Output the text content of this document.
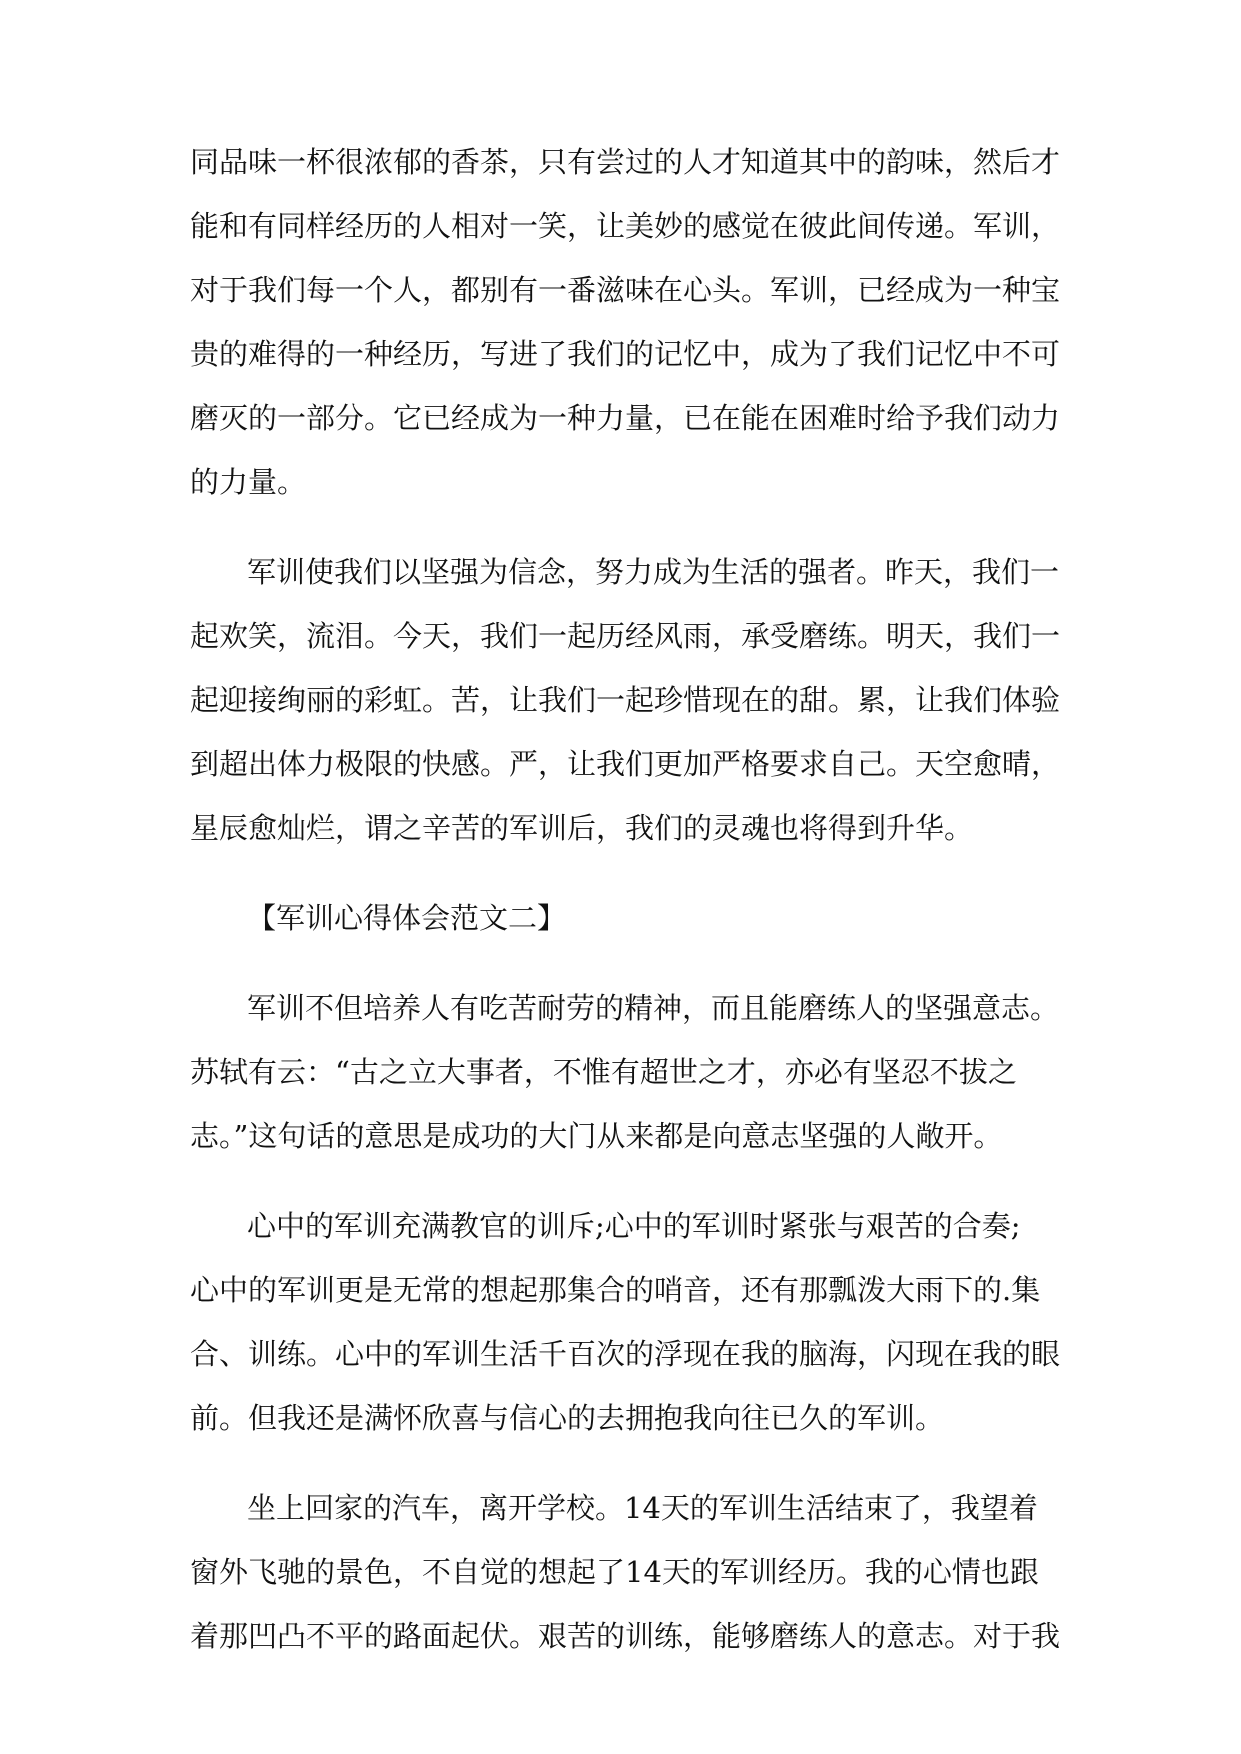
同品味一杯很浓郁的香茶，只有尝过的人才知道其中的韵味，然后才
能和有同样经历的人相对一笑，让美妙的感觉在彼此间传递。军训，
对于我们每一个人，都别有一番滋味在心头。军训，已经成为一种宝
贵的难得的一种经历，写进了我们的记忆中，成为了我们记忆中不可
磨灭的一部分。它已经成为一种力量，已在能在困难时给予我们动力
的力量。
军训使我们以坚强为信念，努力成为生活的强者。昨天，我们一
起欢笑，流泪。今天，我们一起历经风雨，承受磨练。明天，我们一
起迎接绚丽的彩虹。苦，让我们一起珍惜现在的甜。累，让我们体验
到超出体力极限的快感。严，让我们更加严格要求自己。天空愈晴，
星辰愈灿烂，谓之辛苦的军训后，我们的灵魂也将得到升华。
【军训心得体会范文二】
军训不但培养人有吃苦耐劳的精神，而且能磨练人的坚强意志。
苏轼有云：“古之立大事者，不惟有超世之才，亦必有坚忍不拔之
志。”这句话的意思是成功的大门从来都是向意志坚强的人敞开。
心中的军训充满教官的训斥;心中的军训时紧张与艰苦的合奏;
心中的军训更是无常的想起那集合的哨音，还有那瓢泼大雨下的.集
合、训练。心中的军训生活千百次的浮现在我的脑海，闪现在我的眼
前。但我还是满怀欣喜与信心的去拥抱我向往已久的军训。
坐上回家的汽车，离开学校。14天的军训生活结束了，我望着
窗外飞驰的景色，不自觉的想起了14天的军训经历。我的心情也跟
着那凹凸不平的路面起伏。艰苦的训练，能够磨练人的意志。对于我
